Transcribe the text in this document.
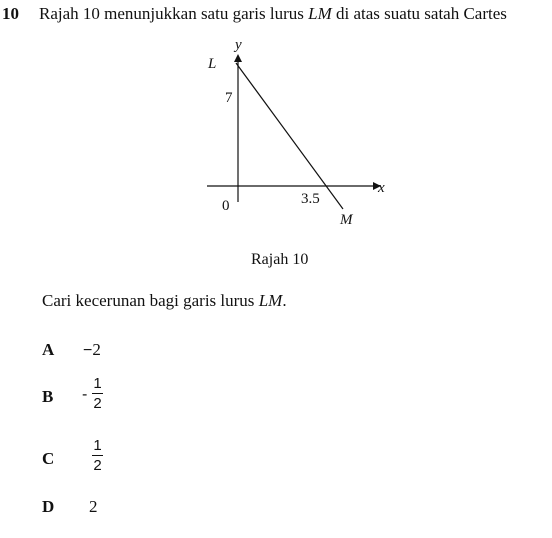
10 Rajah 10 menunjukkan satu garis lurus LM di atas suatu satah Cartes
y
x
0
L
M
7
3.5
Rajah 10
Cari kecerunan bagi garis lurus LM.
A −2
B -
1
2
C
1
2
D 2
